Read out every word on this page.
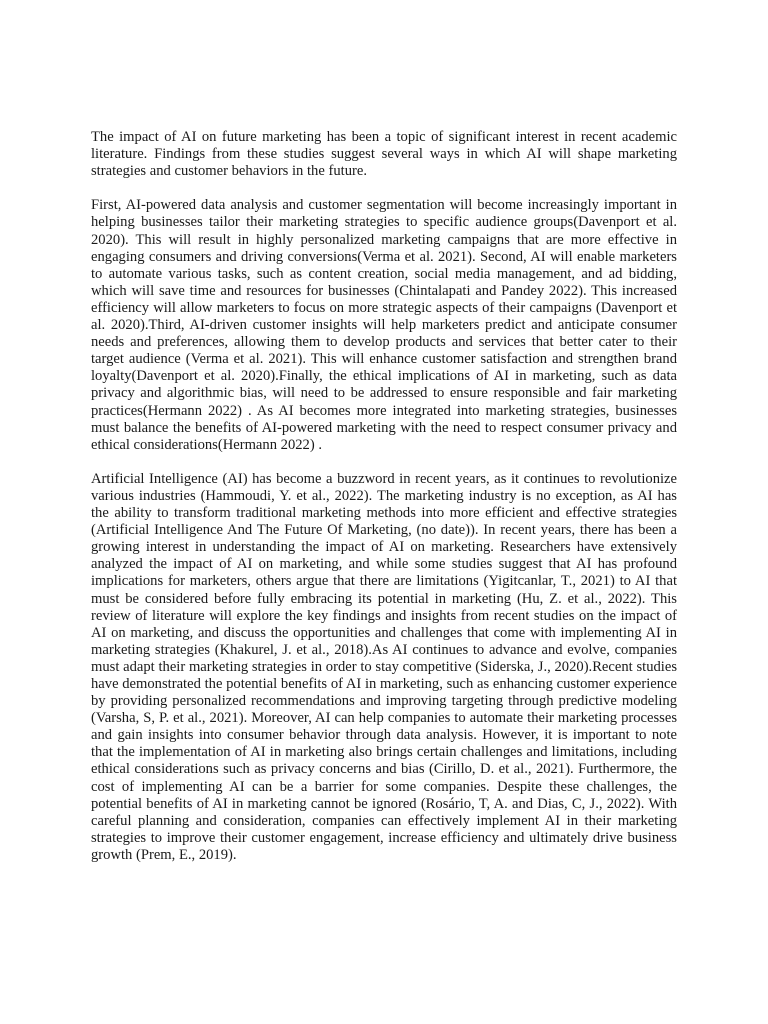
The impact of AI on future marketing has been a topic of significant interest in recent academic literature. Findings from these studies suggest several ways in which AI will shape marketing strategies and customer behaviors in the future.

First, AI-powered data analysis and customer segmentation will become increasingly important in helping businesses tailor their marketing strategies to specific audience groups(Davenport et al. 2020). This will result in highly personalized marketing campaigns that are more effective in engaging consumers and driving conversions(Verma et al. 2021). Second, AI will enable marketers to automate various tasks, such as content creation, social media management, and ad bidding, which will save time and resources for businesses (Chintalapati and Pandey 2022). This increased efficiency will allow marketers to focus on more strategic aspects of their campaigns (Davenport et al. 2020).Third, AI-driven customer insights will help marketers predict and anticipate consumer needs and preferences, allowing them to develop products and services that better cater to their target audience (Verma et al. 2021). This will enhance customer satisfaction and strengthen brand loyalty(Davenport et al. 2020).Finally, the ethical implications of AI in marketing, such as data privacy and algorithmic bias, will need to be addressed to ensure responsible and fair marketing practices(Hermann 2022) . As AI becomes more integrated into marketing strategies, businesses must balance the benefits of AI-powered marketing with the need to respect consumer privacy and ethical considerations(Hermann 2022) .

Artificial Intelligence (AI) has become a buzzword in recent years, as it continues to revolutionize various industries (Hammoudi, Y. et al., 2022). The marketing industry is no exception, as AI has the ability to transform traditional marketing methods into more efficient and effective strategies (Artificial Intelligence And The Future Of Marketing, (no date)). In recent years, there has been a growing interest in understanding the impact of AI on marketing. Researchers have extensively analyzed the impact of AI on marketing, and while some studies suggest that AI has profound implications for marketers, others argue that there are limitations (Yigitcanlar, T., 2021) to AI that must be considered before fully embracing its potential in marketing (Hu, Z. et al., 2022). This review of literature will explore the key findings and insights from recent studies on the impact of AI on marketing, and discuss the opportunities and challenges that come with implementing AI in marketing strategies (Khakurel, J. et al., 2018).As AI continues to advance and evolve, companies must adapt their marketing strategies in order to stay competitive (Siderska, J., 2020).Recent studies have demonstrated the potential benefits of AI in marketing, such as enhancing customer experience by providing personalized recommendations and improving targeting through predictive modeling (Varsha, S, P. et al., 2021). Moreover, AI can help companies to automate their marketing processes and gain insights into consumer behavior through data analysis. However, it is important to note that the implementation of AI in marketing also brings certain challenges and limitations, including ethical considerations such as privacy concerns and bias (Cirillo, D. et al., 2021). Furthermore, the cost of implementing AI can be a barrier for some companies. Despite these challenges, the potential benefits of AI in marketing cannot be ignored (Rosário, T, A. and Dias, C, J., 2022). With careful planning and consideration, companies can effectively implement AI in their marketing strategies to improve their customer engagement, increase efficiency and ultimately drive business growth (Prem, E., 2019).
